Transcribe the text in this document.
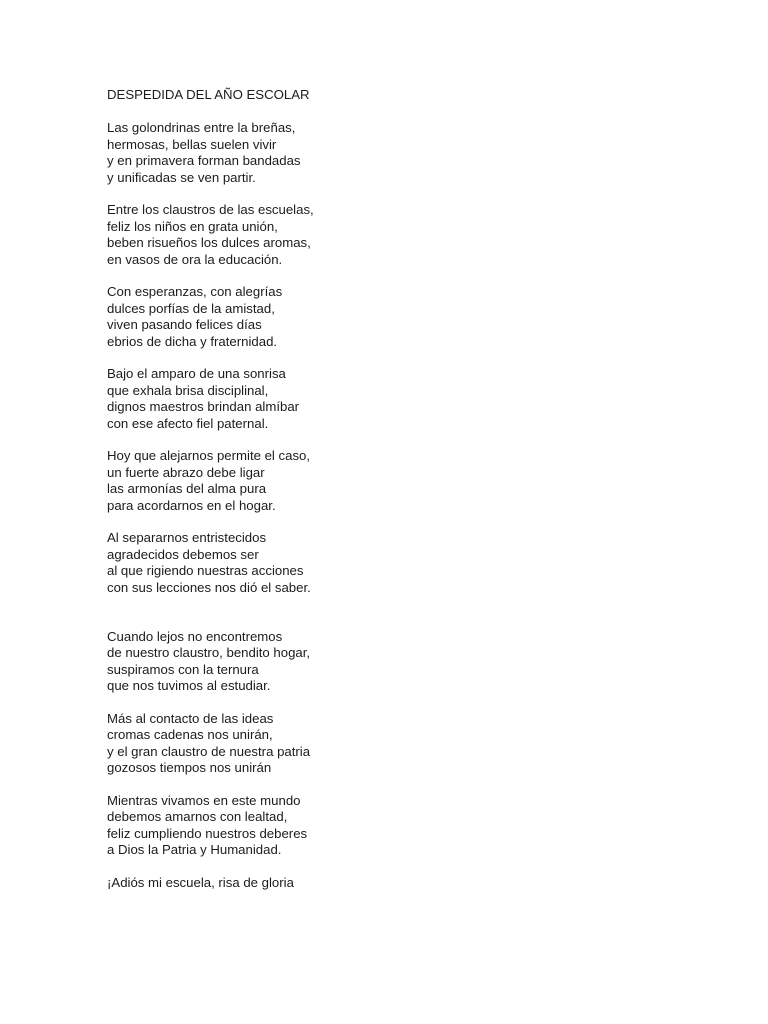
DESPEDIDA DEL AÑO ESCOLAR
Las golondrinas entre la breñas,
hermosas, bellas suelen vivir
y en primavera forman bandadas
y unificadas se ven partir.
Entre los claustros de las escuelas,
feliz los niños en grata unión,
beben risueños los dulces aromas,
en vasos de ora la educación.
Con esperanzas, con alegrías
dulces porfías de la amistad,
viven pasando felices días
ebrios de dicha y fraternidad.
Bajo el amparo de una sonrisa
que exhala brisa disciplinal,
dignos maestros brindan almíbar
con ese afecto fiel paternal.
Hoy que alejarnos permite el caso,
un fuerte abrazo debe ligar
las armonías del alma pura
para acordarnos en el hogar.
Al separarnos entristecidos
agradecidos debemos ser
al que rigiendo nuestras acciones
con sus lecciones nos dió el saber.
Cuando lejos no encontremos
de nuestro claustro, bendito hogar,
suspiramos con la ternura
que nos tuvimos al estudiar.
Más al contacto de las ideas
cromas cadenas nos unirán,
y el gran claustro de nuestra patria
gozosos tiempos nos unirán
Mientras vivamos en este mundo
debemos amarnos con lealtad,
feliz cumpliendo nuestros deberes
a Dios la Patria y Humanidad.
¡Adiós mi escuela, risa de gloria
